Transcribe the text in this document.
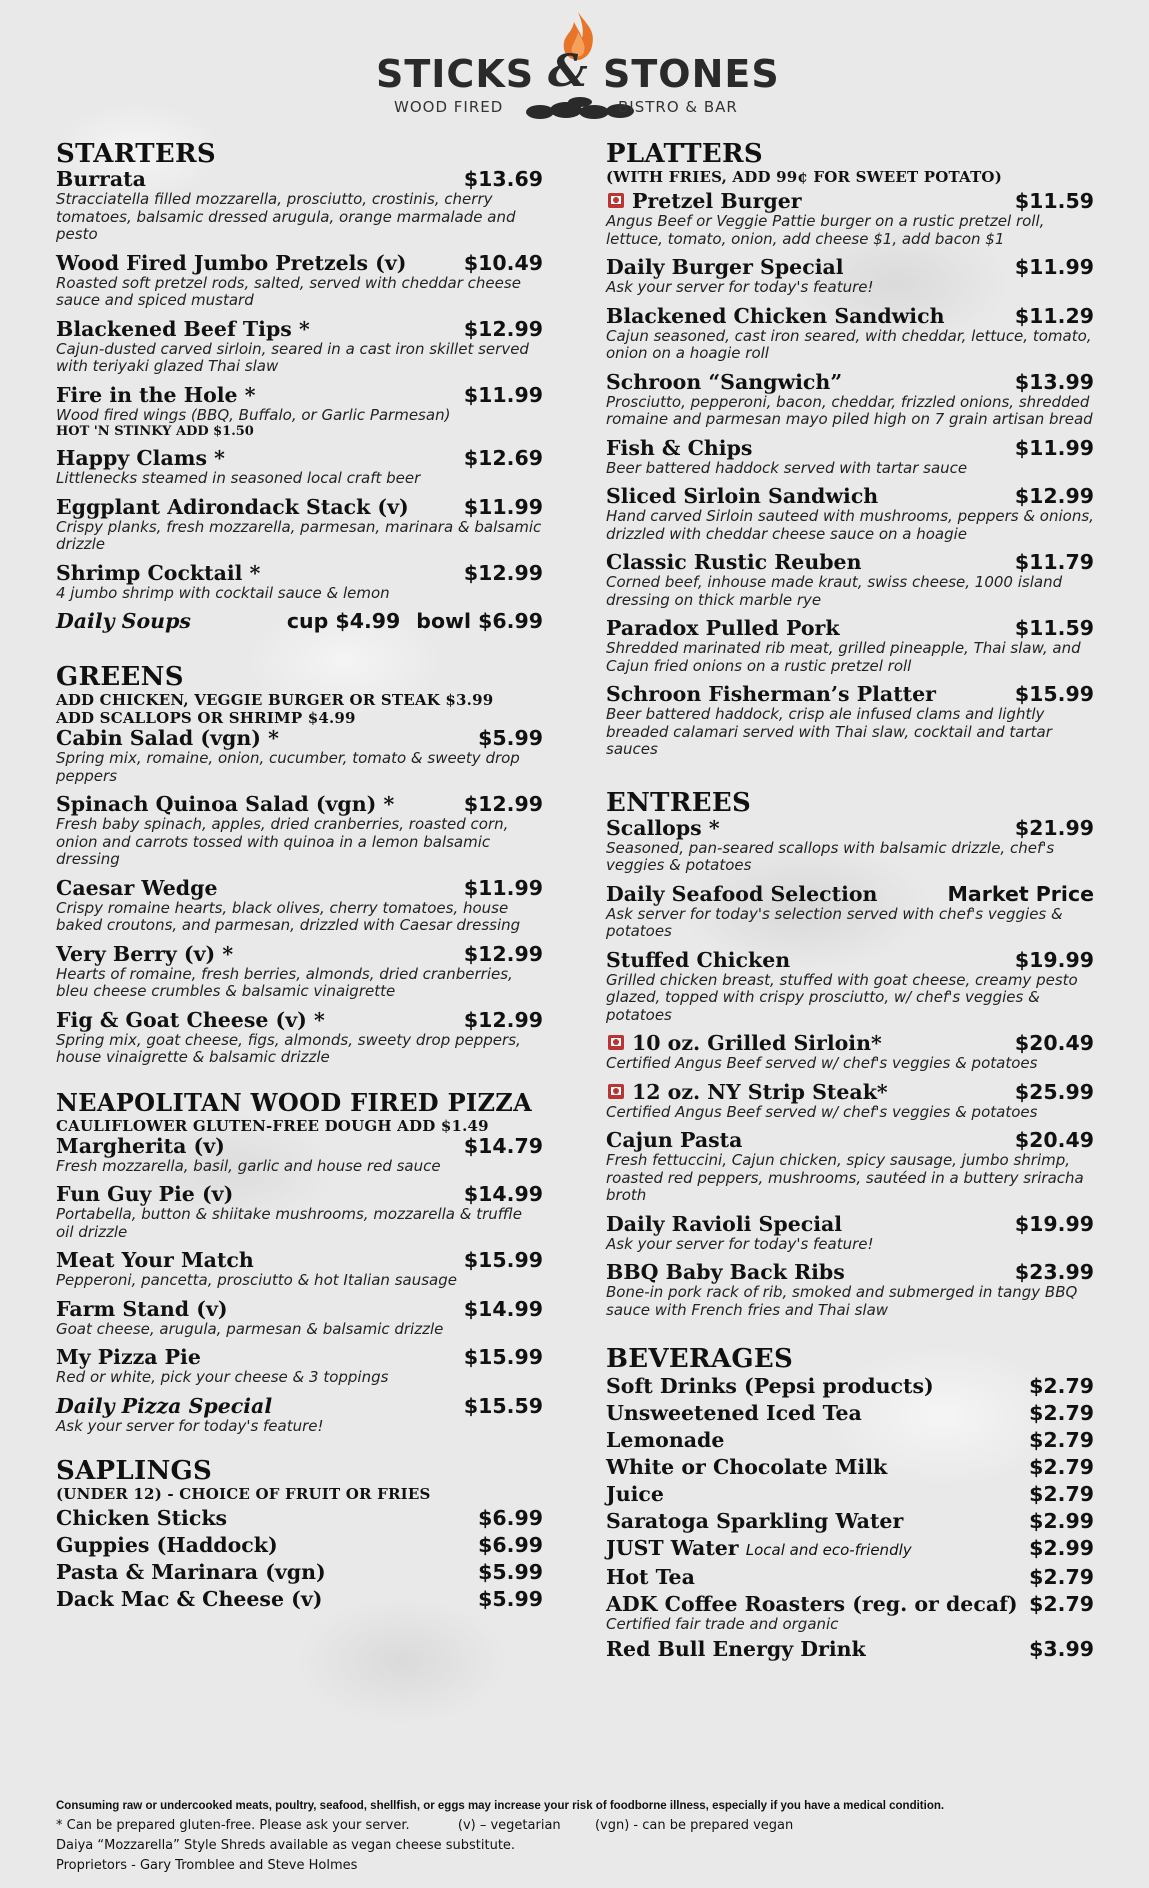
STICKS & STONES
WOOD FIRED	BISTRO & BAR
STARTERS
Burrata	$13.69
Stracciatella filled mozzarella, prosciutto, crostinis, cherry tomatoes, balsamic dressed arugula, orange marmalade and pesto
Wood Fired Jumbo Pretzels (v)	$10.49
Roasted soft pretzel rods, salted, served with cheddar cheese sauce and spiced mustard
Blackened Beef Tips *	$12.99
Cajun-dusted carved sirloin, seared in a cast iron skillet served with teriyaki glazed Thai slaw
Fire in the Hole *	$11.99
Wood fired wings (BBQ, Buffalo, or Garlic Parmesan)
HOT 'N STINKY ADD $1.50
Happy Clams *	$12.69
Littlenecks steamed in seasoned local craft beer
Eggplant Adirondack Stack (v)	$11.99
Crispy planks, fresh mozzarella, parmesan, marinara & balsamic drizzle
Shrimp Cocktail *	$12.99
4 jumbo shrimp with cocktail sauce & lemon
Daily Soups	cup $4.99 bowl $6.99
GREENS
ADD CHICKEN, VEGGIE BURGER OR STEAK $3.99
ADD SCALLOPS OR SHRIMP $4.99
Cabin Salad (vgn) *	$5.99
Spring mix, romaine, onion, cucumber, tomato & sweety drop peppers
Spinach Quinoa Salad (vgn) *	$12.99
Fresh baby spinach, apples, dried cranberries, roasted corn, onion and carrots tossed with quinoa in a lemon balsamic dressing
Caesar Wedge	$11.99
Crispy romaine hearts, black olives, cherry tomatoes, house baked croutons, and parmesan, drizzled with Caesar dressing
Very Berry (v) *	$12.99
Hearts of romaine, fresh berries, almonds, dried cranberries, bleu cheese crumbles & balsamic vinaigrette
Fig & Goat Cheese (v) *	$12.99
Spring mix, goat cheese, figs, almonds, sweety drop peppers, house vinaigrette & balsamic drizzle
NEAPOLITAN WOOD FIRED PIZZA
CAULIFLOWER GLUTEN-FREE DOUGH ADD $1.49
Margherita (v)	$14.79
Fresh mozzarella, basil, garlic and house red sauce
Fun Guy Pie (v)	$14.99
Portabella, button & shiitake mushrooms, mozzarella & truffle oil drizzle
Meat Your Match	$15.99
Pepperoni, pancetta, prosciutto & hot Italian sausage
Farm Stand (v)	$14.99
Goat cheese, arugula, parmesan & balsamic drizzle
My Pizza Pie	$15.99
Red or white, pick your cheese & 3 toppings
Daily Pizza Special	$15.59
Ask your server for today's feature!
SAPLINGS
(UNDER 12) - CHOICE OF FRUIT OR FRIES
Chicken Sticks	$6.99
Guppies (Haddock)	$6.99
Pasta & Marinara (vgn)	$5.99
Dack Mac & Cheese (v)	$5.99
PLATTERS
(WITH FRIES, ADD 99¢ FOR SWEET POTATO)
Pretzel Burger	$11.59
Angus Beef or Veggie Pattie burger on a rustic pretzel roll, lettuce, tomato, onion, add cheese $1, add bacon $1
Daily Burger Special	$11.99
Ask your server for today's feature!
Blackened Chicken Sandwich	$11.29
Cajun seasoned, cast iron seared, with cheddar, lettuce, tomato, onion on a hoagie roll
Schroon “Sangwich”	$13.99
Prosciutto, pepperoni, bacon, cheddar, frizzled onions, shredded romaine and parmesan mayo piled high on 7 grain artisan bread
Fish & Chips	$11.99
Beer battered haddock served with tartar sauce
Sliced Sirloin Sandwich	$12.99
Hand carved Sirloin sauteed with mushrooms, peppers & onions, drizzled with cheddar cheese sauce on a hoagie
Classic Rustic Reuben	$11.79
Corned beef, inhouse made kraut, swiss cheese, 1000 island dressing on thick marble rye
Paradox Pulled Pork	$11.59
Shredded marinated rib meat, grilled pineapple, Thai slaw, and Cajun fried onions on a rustic pretzel roll
Schroon Fisherman’s Platter	$15.99
Beer battered haddock, crisp ale infused clams and lightly breaded calamari served with Thai slaw, cocktail and tartar sauces
ENTREES
Scallops *	$21.99
Seasoned, pan-seared scallops with balsamic drizzle, chef's veggies & potatoes
Daily Seafood Selection	Market Price
Ask server for today's selection served with chef's veggies & potatoes
Stuffed Chicken	$19.99
Grilled chicken breast, stuffed with goat cheese, creamy pesto glazed, topped with crispy prosciutto, w/ chef's veggies & potatoes
10 oz. Grilled Sirloin*	$20.49
Certified Angus Beef served w/ chef's veggies & potatoes
12 oz. NY Strip Steak*	$25.99
Certified Angus Beef served w/ chef's veggies & potatoes
Cajun Pasta	$20.49
Fresh fettuccini, Cajun chicken, spicy sausage, jumbo shrimp, roasted red peppers, mushrooms, sautéed in a buttery sriracha broth
Daily Ravioli Special	$19.99
Ask your server for today's feature!
BBQ Baby Back Ribs	$23.99
Bone-in pork rack of rib, smoked and submerged in tangy BBQ sauce with French fries and Thai slaw
BEVERAGES
Soft Drinks (Pepsi products)	$2.79
Unsweetened Iced Tea	$2.79
Lemonade	$2.79
White or Chocolate Milk	$2.79
Juice	$2.79
Saratoga Sparkling Water	$2.99
JUST Water Local and eco-friendly	$2.99
Hot Tea	$2.79
ADK Coffee Roasters (reg. or decaf) $2.79
Certified fair trade and organic
Red Bull Energy Drink	$3.99
Consuming raw or undercooked meats, poultry, seafood, shellfish, or eggs may increase your risk of foodborne illness, especially if you have a medical condition.
* Can be prepared gluten-free. Please ask your server.	(v) – vegetarian	(vgn) - can be prepared vegan
Daiya “Mozzarella” Style Shreds available as vegan cheese substitute.
Proprietors - Gary Tromblee and Steve Holmes
